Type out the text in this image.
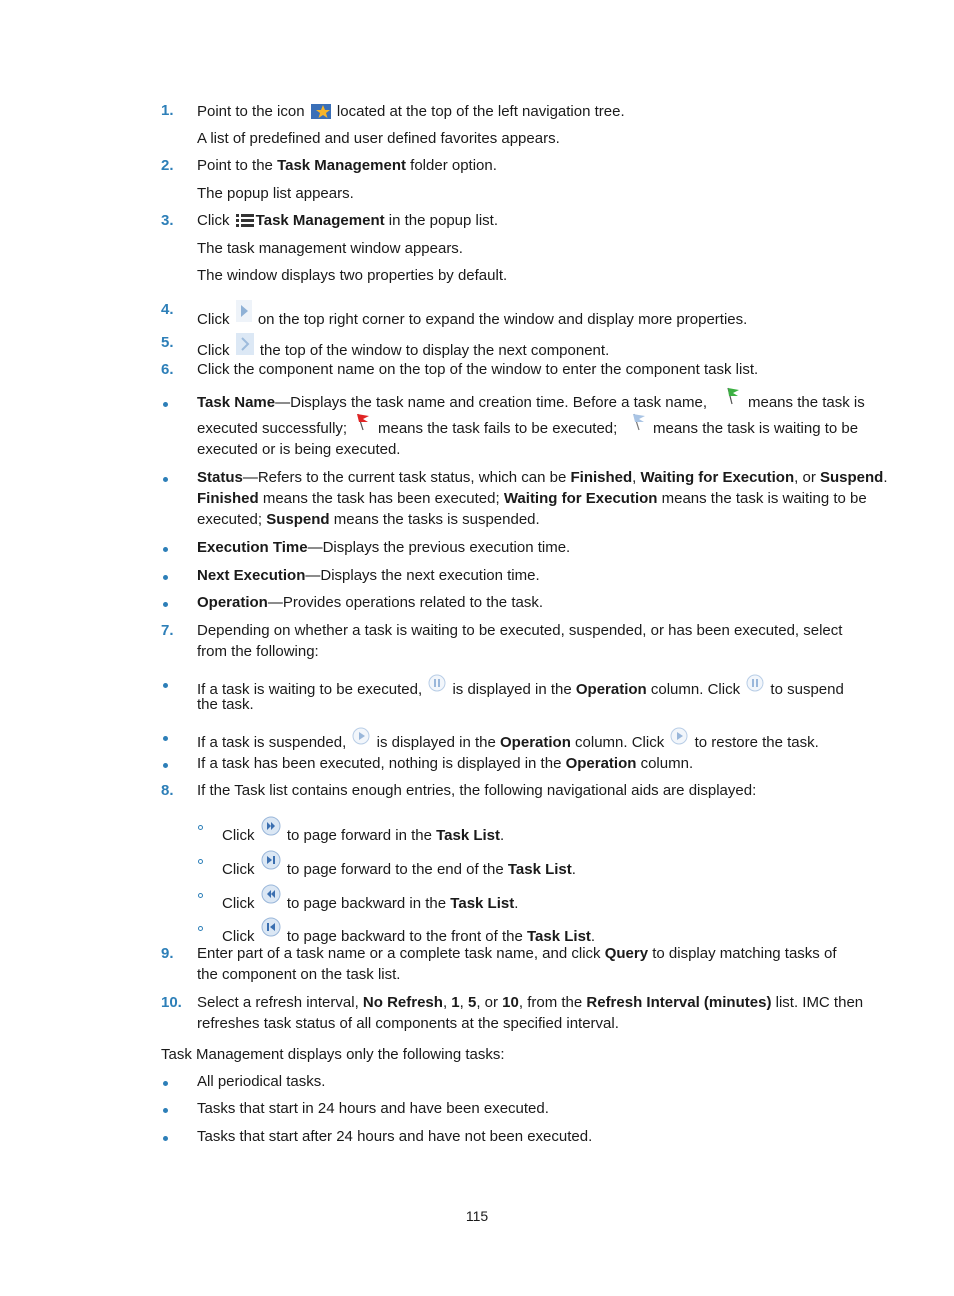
1. Point to the icon located at the top of the left navigation tree.
A list of predefined and user defined favorites appears.
2. Point to the Task Management folder option.
The popup list appears.
3. Click Task Management in the popup list.
The task management window appears.
The window displays two properties by default.
4.
Click on the top right corner to expand the window and display more properties.
5. Click the top of the window to display the next component.
6. Click the component name on the top of the window to enter the component task list.
Task Name—Displays the task name and creation time. Before a task name,	means the task is
executed successfully; means the task fails to be executed; means the task is waiting to be
executed or is being executed.
Status—Refers to the current task status, which can be Finished, Waiting for Execution, or Suspend.
Finished means the task has been executed; Waiting for Execution means the task is waiting to be
executed; Suspend means the tasks is suspended.
Execution Time—Displays the previous execution time.
Next Execution—Displays the next execution time.
Operation—Provides operations related to the task.
7. Depending on whether a task is waiting to be executed, suspended, or has been executed, select
from the following:
If a task is waiting to be executed,  is displayed in the Operation column. Click to suspend
the task.
If a task is suspended, is displayed in the Operation column. Click to restore the task.
If a task has been executed, nothing is displayed in the Operation column.
8. If the Task list contains enough entries, the following navigational aids are displayed:
Click to page forward in the Task List.
Click to page forward to the end of the Task List.
Click to page backward in the Task List.
Click to page backward to the front of the Task List.
9. Enter part of a task name or a complete task name, and click Query to display matching tasks of
the component on the task list.
10. Select a refresh interval, No Refresh, 1, 5, or 10, from the Refresh Interval (minutes) list. IMC then
refreshes task status of all components at the specified interval.
Task Management displays only the following tasks:
All periodical tasks.
Tasks that start in 24 hours and have been executed.
Tasks that start after 24 hours and have not been executed.
115
